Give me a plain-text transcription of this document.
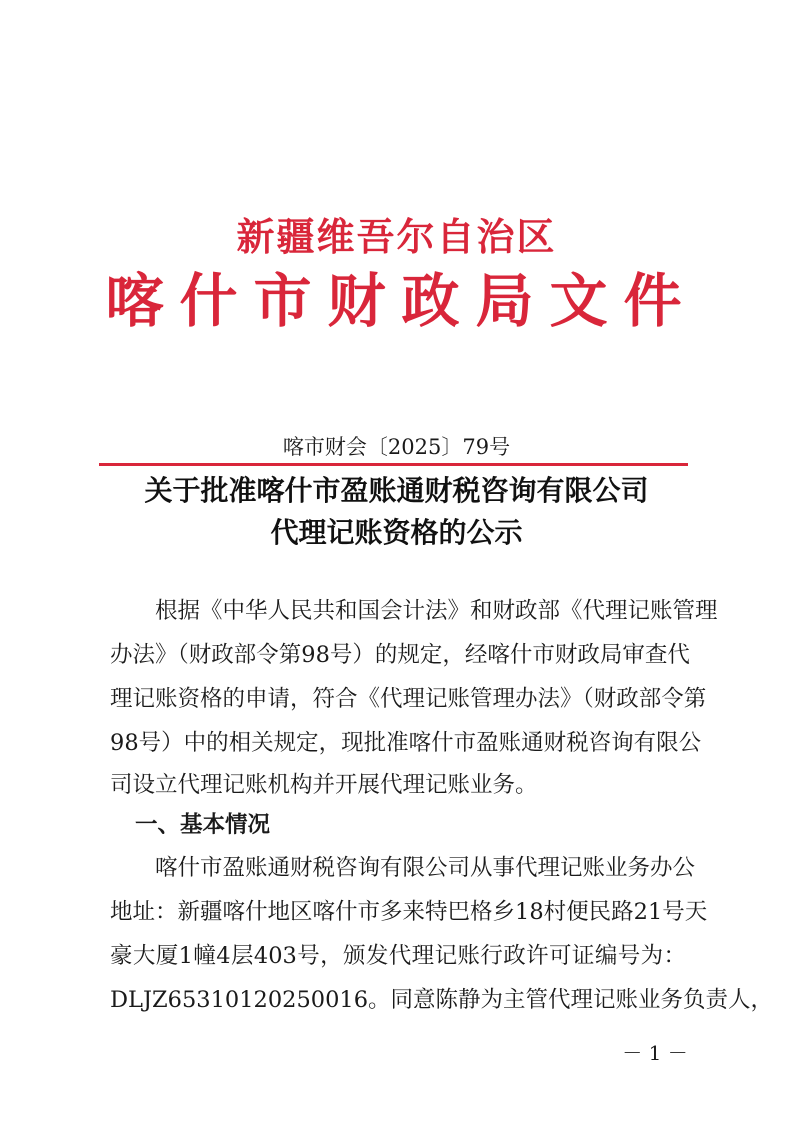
新疆维吾尔自治区
喀什市财政局文件
喀市财会〔2025〕79号
关于批准喀什市盈账通财税咨询有限公司
代理记账资格的公示
根据《中华人民共和国会计法》和财政部《代理记账管理
办法》（财政部令第98号）的规定，经喀什市财政局审查代
理记账资格的申请，符合《代理记账管理办法》（财政部令第
98号）中的相关规定，现批准喀什市盈账通财税咨询有限公
司设立代理记账机构并开展代理记账业务。
一、基本情况
喀什市盈账通财税咨询有限公司从事代理记账业务办公
地址：新疆喀什地区喀什市多来特巴格乡18村便民路21号天
豪大厦1幢4层403号，颁发代理记账行政许可证编号为：
DLJZ65310120250016。同意陈静为主管代理记账业务负责人，
－ 1 －
